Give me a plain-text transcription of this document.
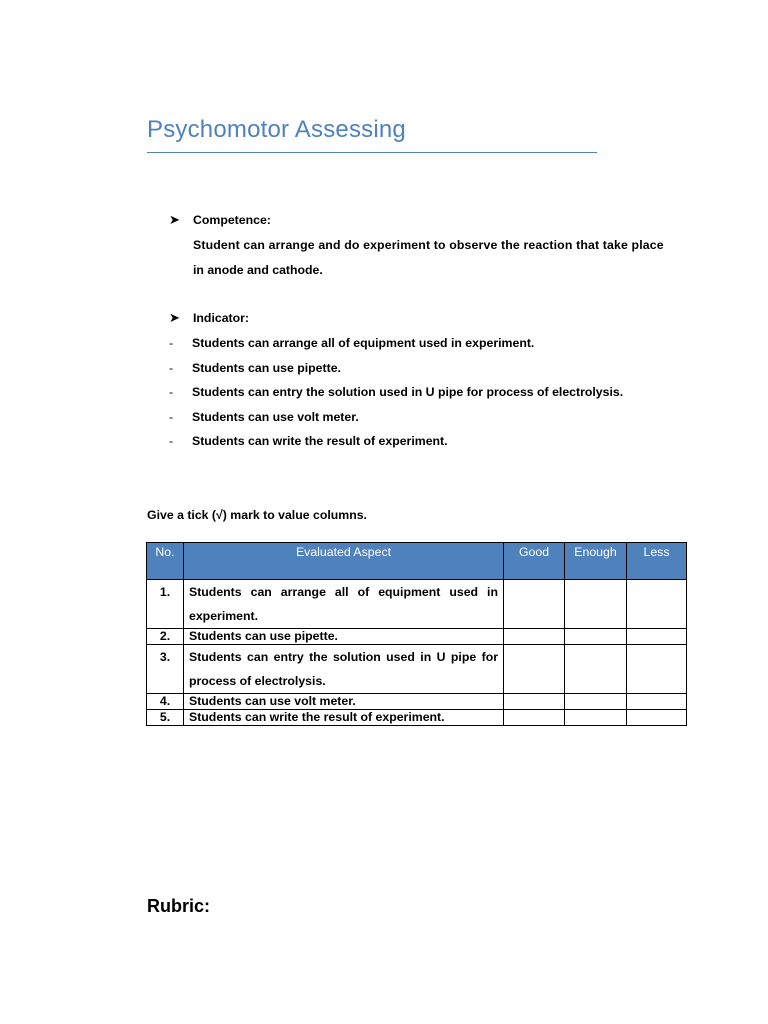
Psychomotor Assessing
➤ Competence:
Student can arrange and do experiment to observe the reaction that take place
in anode and cathode.
➤ Indicator:
- Students can arrange all of equipment used in experiment.
- Students can use pipette.
- Students can entry the solution used in U pipe for process of electrolysis.
- Students can use volt meter.
- Students can write the result of experiment.
Give a tick (√) mark to value columns.
No.	Evaluated Aspect	Good	Enough	Less
1.	Students can arrange all of equipment used in experiment.			
2.	Students can use pipette.			
3.	Students can entry the solution used in U pipe for process of electrolysis.			
4.	Students can use volt meter.			
5.	Students can write the result of experiment.			
Rubric:
